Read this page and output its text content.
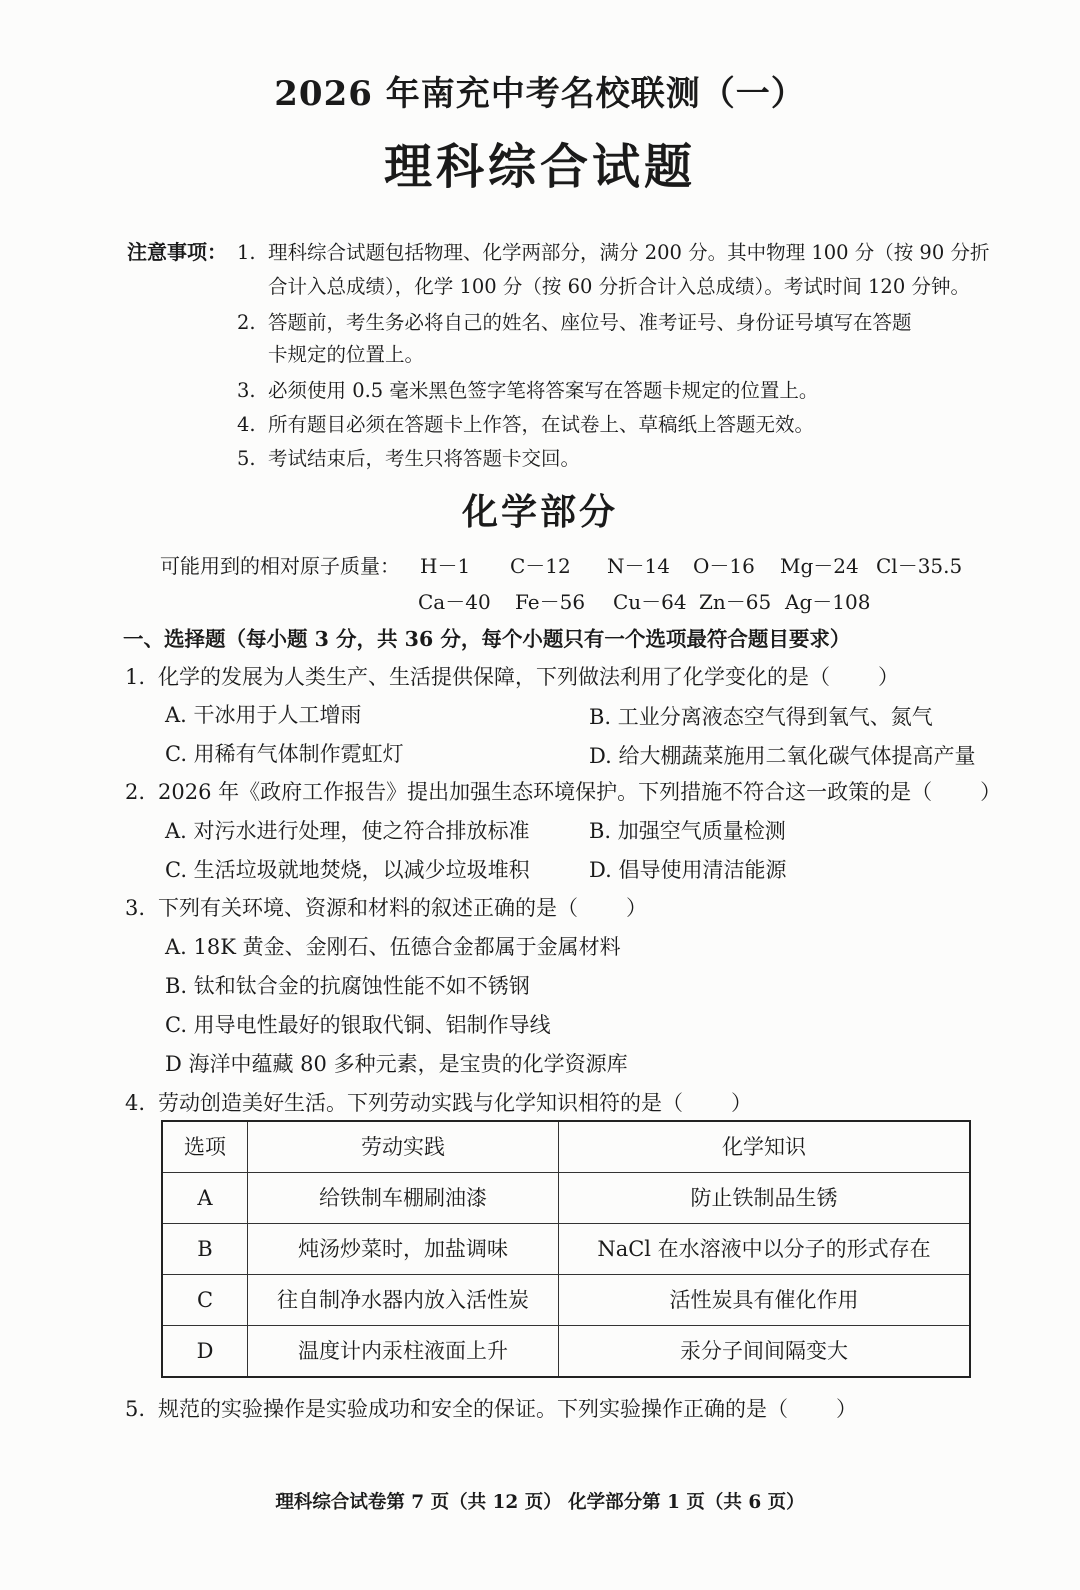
2026 年南充中考名校联测（一）
理科综合试题
注意事项： 1. 理科综合试题包括物理、化学两部分，满分 200 分。其中物理 100 分（按 90 分折
合计入总成绩），化学 100 分（按 60 分折合计入总成绩）。考试时间 120 分钟。
2. 答题前，考生务必将自己的姓名、座位号、准考证号、身份证号填写在答题
卡规定的位置上。
3. 必须使用 0.5 毫米黑色签字笔将答案写在答题卡规定的位置上。
4. 所有题目必须在答题卡上作答，在试卷上、草稿纸上答题无效。
5. 考试结束后，考生只将答题卡交回。
化学部分
可能用到的相对原子质量： H－1 C－12 N－14 O－16 Mg－24 Cl－35.5
Ca－40 Fe－56 Cu－64 Zn－65 Ag－108
一、选择题（每小题 3 分，共 36 分，每个小题只有一个选项最符合题目要求）
1. 化学的发展为人类生产、生活提供保障，下列做法利用了化学变化的是（ ）
A. 干冰用于人工增雨	B. 工业分离液态空气得到氧气、氮气
C. 用稀有气体制作霓虹灯	D. 给大棚蔬菜施用二氧化碳气体提高产量
2. 2026 年《政府工作报告》提出加强生态环境保护。下列措施不符合这一政策的是（ ）
A. 对污水进行处理，使之符合排放标准	B. 加强空气质量检测
C. 生活垃圾就地焚烧，以减少垃圾堆积	D. 倡导使用清洁能源
3. 下列有关环境、资源和材料的叙述正确的是（ ）
A. 18K 黄金、金刚石、伍德合金都属于金属材料
B. 钛和钛合金的抗腐蚀性能不如不锈钢
C. 用导电性最好的银取代铜、铝制作导线
D 海洋中蕴藏 80 多种元素，是宝贵的化学资源库
4. 劳动创造美好生活。下列劳动实践与化学知识相符的是（ ）
选项	劳动实践	化学知识
A	给铁制车棚刷油漆	防止铁制品生锈
B	炖汤炒菜时，加盐调味	NaCl 在水溶液中以分子的形式存在
C	往自制净水器内放入活性炭	活性炭具有催化作用
D	温度计内汞柱液面上升	汞分子间间隔变大
5. 规范的实验操作是实验成功和安全的保证。下列实验操作正确的是（ ）
理科综合试卷第 7 页（共 12 页） 化学部分第 1 页（共 6 页）
